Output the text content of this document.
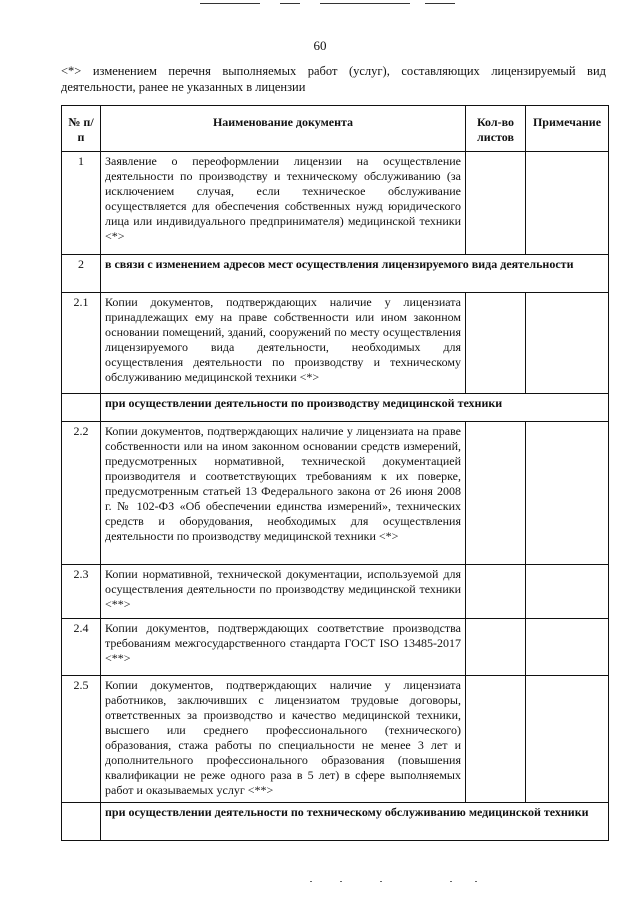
60
<*> изменением перечня выполняемых работ (услуг), составляющих лицензируемый вид деятельности, ранее не указанных в лицензии
№ п/п	Наименование документа	Кол-во листов	Примечание
1	Заявление о переоформлении лицензии на осуществление деятельности по производству и техническому обслуживанию (за исключением случая, если техническое обслуживание осуществляется для обеспечения собственных нужд юридического лица или индивидуального предпринимателя) медицинской техники <*>		
2	в связи с изменением адресов мест осуществления лицензируемого вида деятельности		
2.1	Копии документов, подтверждающих наличие у лицензиата принадлежащих ему на праве собственности или ином законном основании помещений, зданий, сооружений по месту осуществления лицензируемого вида деятельности, необходимых для осуществления деятельности по производству и техническому обслуживанию медицинской техники <*>		
	при осуществлении деятельности по производству медицинской техники		
2.2	Копии документов, подтверждающих наличие у лицензиата на праве собственности или на ином законном основании средств измерений, предусмотренных нормативной, технической документацией производителя и соответствующих требованиям к их поверке, предусмотренным статьей 13 Федерального закона от 26 июня 2008 г. № 102-ФЗ «Об обеспечении единства измерений», технических средств и оборудования, необходимых для осуществления деятельности по производству медицинской техники <*>		
2.3	Копии нормативной, технической документации, используемой для осуществления деятельности по производству медицинской техники <**>		
2.4	Копии документов, подтверждающих соответствие производства требованиям межгосударственного стандарта ГОСТ ISO 13485-2017 <**>		
2.5	Копии документов, подтверждающих наличие у лицензиата работников, заключивших с лицензиатом трудовые договоры, ответственных за производство и качество медицинской техники, высшего или среднего профессионального (технического) образования, стажа работы по специальности не менее 3 лет и дополнительного профессионального образования (повышения квалификации не реже одного раза в 5 лет) в сфере выполняемых работ и оказываемых услуг <**>		
	при осуществлении деятельности по техническому обслуживанию медицинской техники		
